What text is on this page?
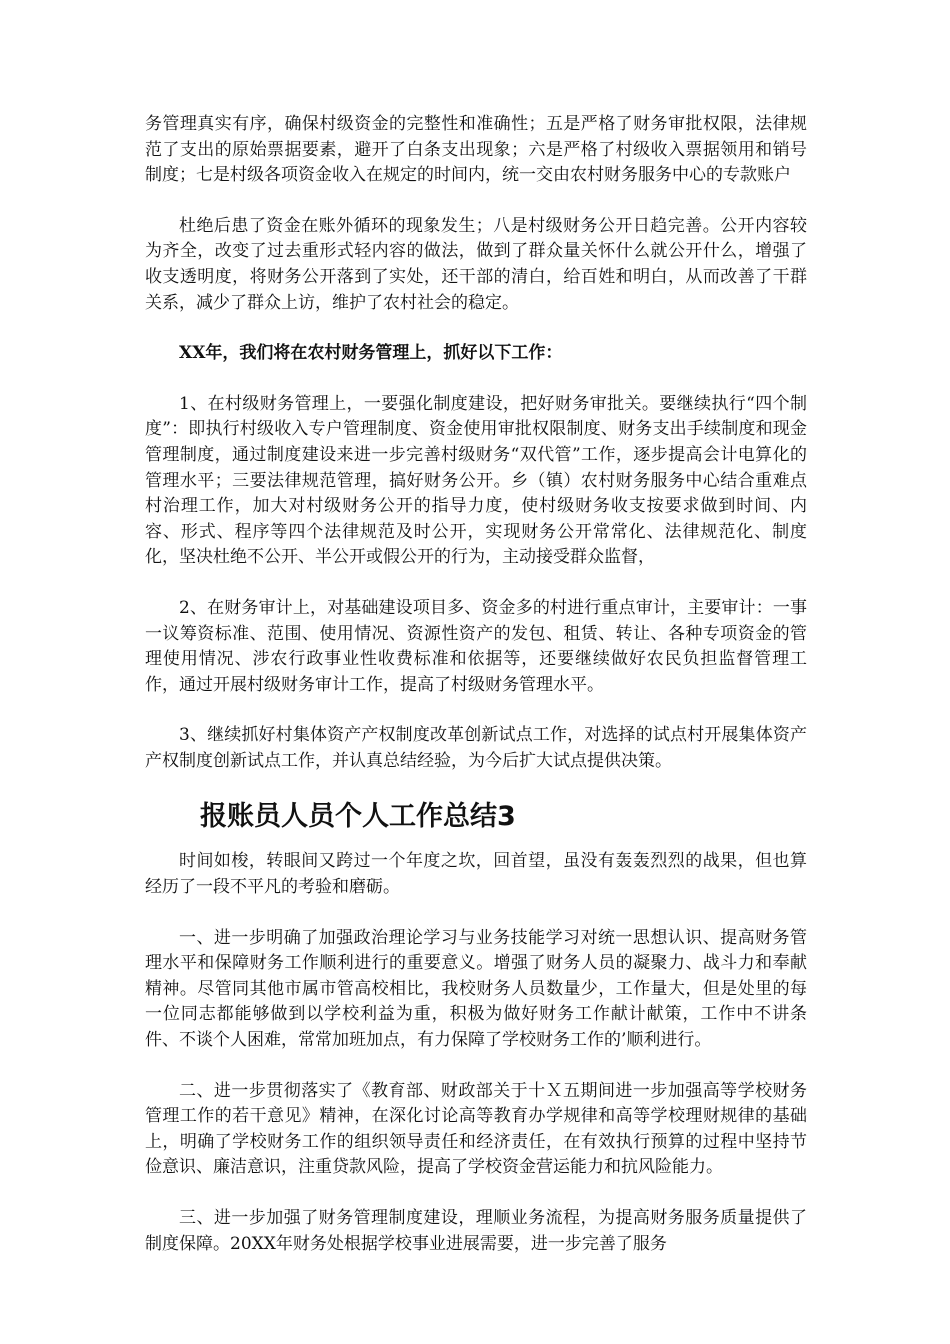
务管理真实有序，确保村级资金的完整性和准确性；五是严格了财务审批权限，法律规范了支出的原始票据要素，避开了白条支出现象；六是严格了村级收入票据领用和销号制度；七是村级各项资金收入在规定的时间内，统一交由农村财务服务中心的专款账户

杜绝后患了资金在账外循环的现象发生；八是村级财务公开日趋完善。公开内容较为齐全，改变了过去重形式轻内容的做法，做到了群众量关怀什么就公开什么，增强了收支透明度，将财务公开落到了实处，还干部的清白，给百姓和明白，从而改善了干群关系，减少了群众上访，维护了农村社会的稳定。

XX年，我们将在农村财务管理上，抓好以下工作：

1、在村级财务管理上，一要强化制度建设，把好财务审批关。要继续执行“四个制度”：即执行村级收入专户管理制度、资金使用审批权限制度、财务支出手续制度和现金管理制度，通过制度建设来进一步完善村级财务“双代管”工作，逐步提高会计电算化的管理水平；三要法律规范管理，搞好财务公开。乡（镇）农村财务服务中心结合重难点村治理工作，加大对村级财务公开的指导力度，使村级财务收支按要求做到时间、内容、形式、程序等四个法律规范及时公开，实现财务公开常常化、法律规范化、制度化，坚决杜绝不公开、半公开或假公开的行为，主动接受群众监督，

2、在财务审计上，对基础建设项目多、资金多的村进行重点审计，主要审计：一事一议筹资标准、范围、使用情况、资源性资产的发包、租赁、转让、各种专项资金的管理使用情况、涉农行政事业性收费标准和依据等，还要继续做好农民负担监督管理工作，通过开展村级财务审计工作，提高了村级财务管理水平。

3、继续抓好村集体资产产权制度改革创新试点工作，对选择的试点村开展集体资产产权制度创新试点工作，并认真总结经验，为今后扩大试点提供决策。

报账员人员个人工作总结3

时间如梭，转眼间又跨过一个年度之坎，回首望，虽没有轰轰烈烈的战果，但也算经历了一段不平凡的考验和磨砺。

一、进一步明确了加强政治理论学习与业务技能学习对统一思想认识、提高财务管理水平和保障财务工作顺利进行的重要意义。增强了财务人员的凝聚力、战斗力和奉献精神。尽管同其他市属市管高校相比，我校财务人员数量少，工作量大，但是处里的每一位同志都能够做到以学校利益为重，积极为做好财务工作献计献策，工作中不讲条件、不谈个人困难，常常加班加点，有力保障了学校财务工作的’顺利进行。

二、进一步贯彻落实了《教育部、财政部关于十Ｘ五期间进一步加强高等学校财务管理工作的若干意见》精神，在深化讨论高等教育办学规律和高等学校理财规律的基础上，明确了学校财务工作的组织领导责任和经济责任，在有效执行预算的过程中坚持节俭意识、廉洁意识，注重贷款风险，提高了学校资金营运能力和抗风险能力。

三、进一步加强了财务管理制度建设，理顺业务流程，为提高财务服务质量提供了制度保障。20XX年财务处根据学校事业进展需要，进一步完善了服务
